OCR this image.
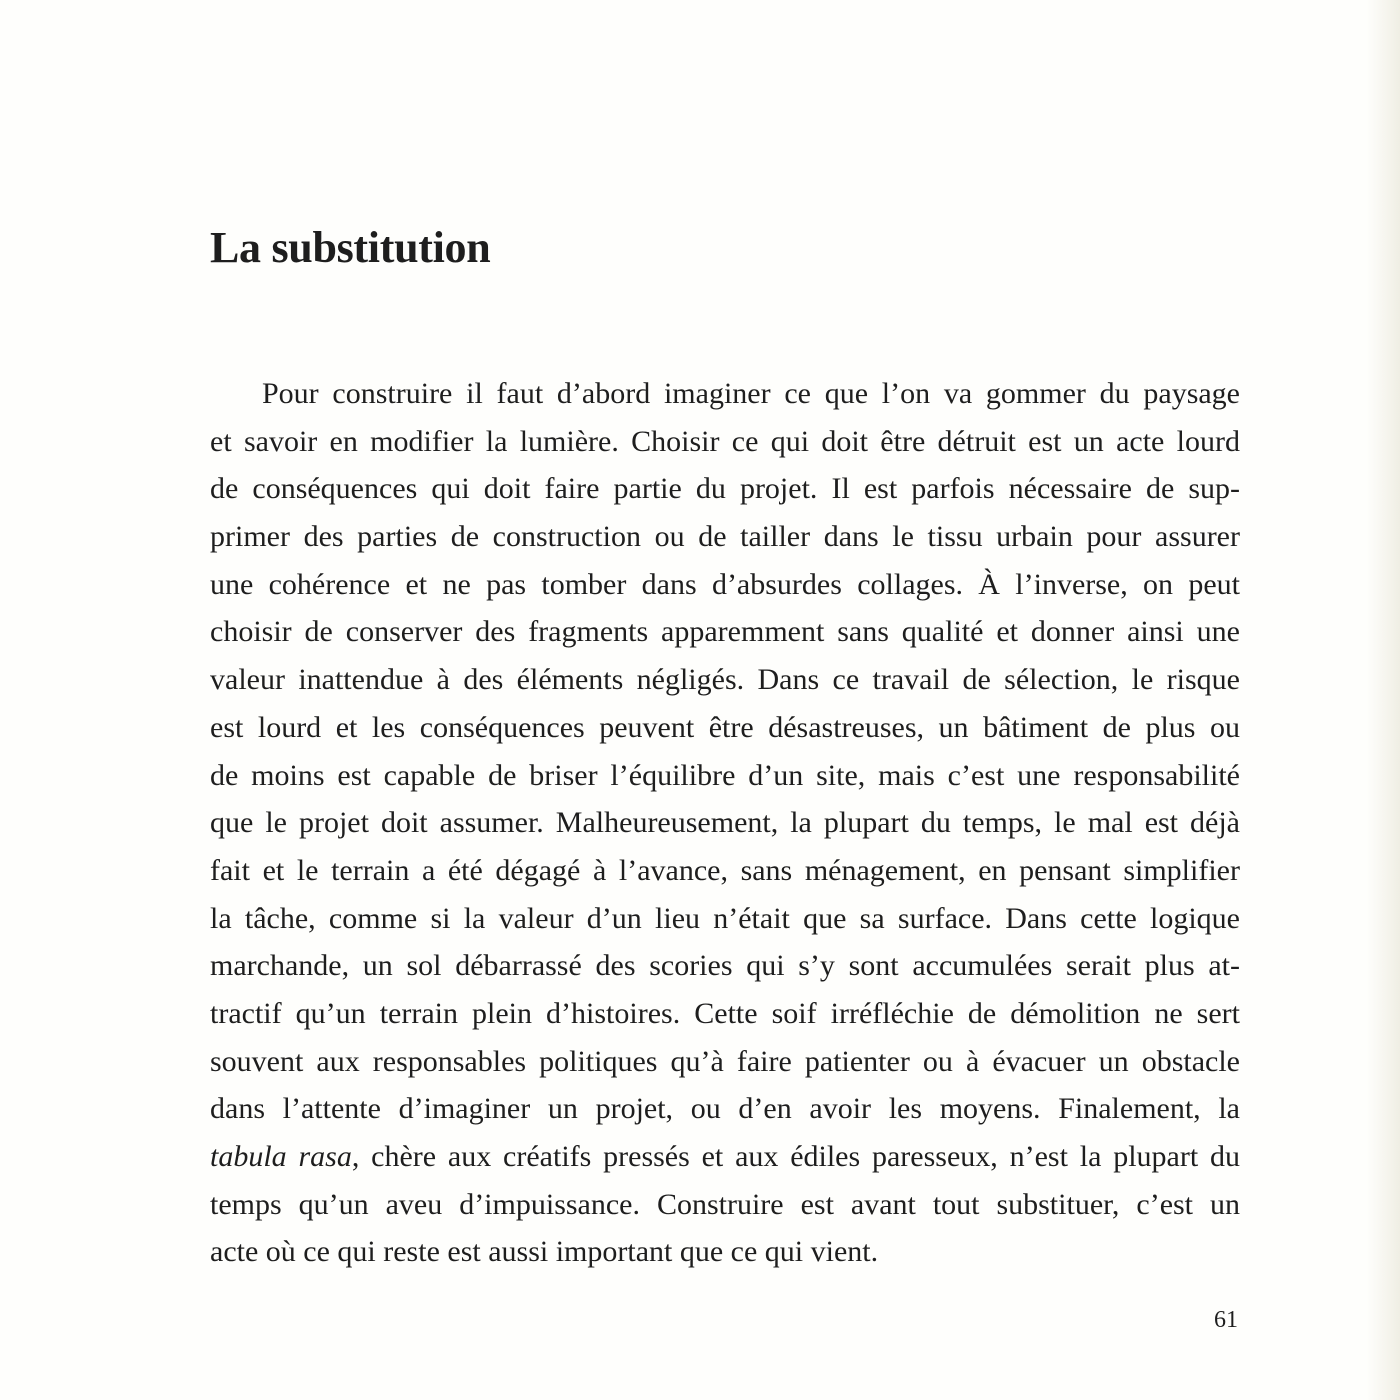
La substitution
Pour construire il faut d’abord imaginer ce que l’on va gommer du paysage
et savoir en modifier la lumière. Choisir ce qui doit être détruit est un acte lourd
de conséquences qui doit faire partie du projet. Il est parfois nécessaire de sup-
primer des parties de construction ou de tailler dans le tissu urbain pour assurer
une cohérence et ne pas tomber dans d’absurdes collages. À l’inverse, on peut
choisir de conserver des fragments apparemment sans qualité et donner ainsi une
valeur inattendue à des éléments négligés. Dans ce travail de sélection, le risque
est lourd et les conséquences peuvent être désastreuses, un bâtiment de plus ou
de moins est capable de briser l’équilibre d’un site, mais c’est une responsabilité
que le projet doit assumer. Malheureusement, la plupart du temps, le mal est déjà
fait et le terrain a été dégagé à l’avance, sans ménagement, en pensant simplifier
la tâche, comme si la valeur d’un lieu n’était que sa surface. Dans cette logique
marchande, un sol débarrassé des scories qui s’y sont accumulées serait plus at-
tractif qu’un terrain plein d’histoires. Cette soif irréfléchie de démolition ne sert
souvent aux responsables politiques qu’à faire patienter ou à évacuer un obstacle
dans l’attente d’imaginer un projet, ou d’en avoir les moyens. Finalement, la
tabula rasa, chère aux créatifs pressés et aux édiles paresseux, n’est la plupart du
temps qu’un aveu d’impuissance. Construire est avant tout substituer, c’est un
acte où ce qui reste est aussi important que ce qui vient.
61
